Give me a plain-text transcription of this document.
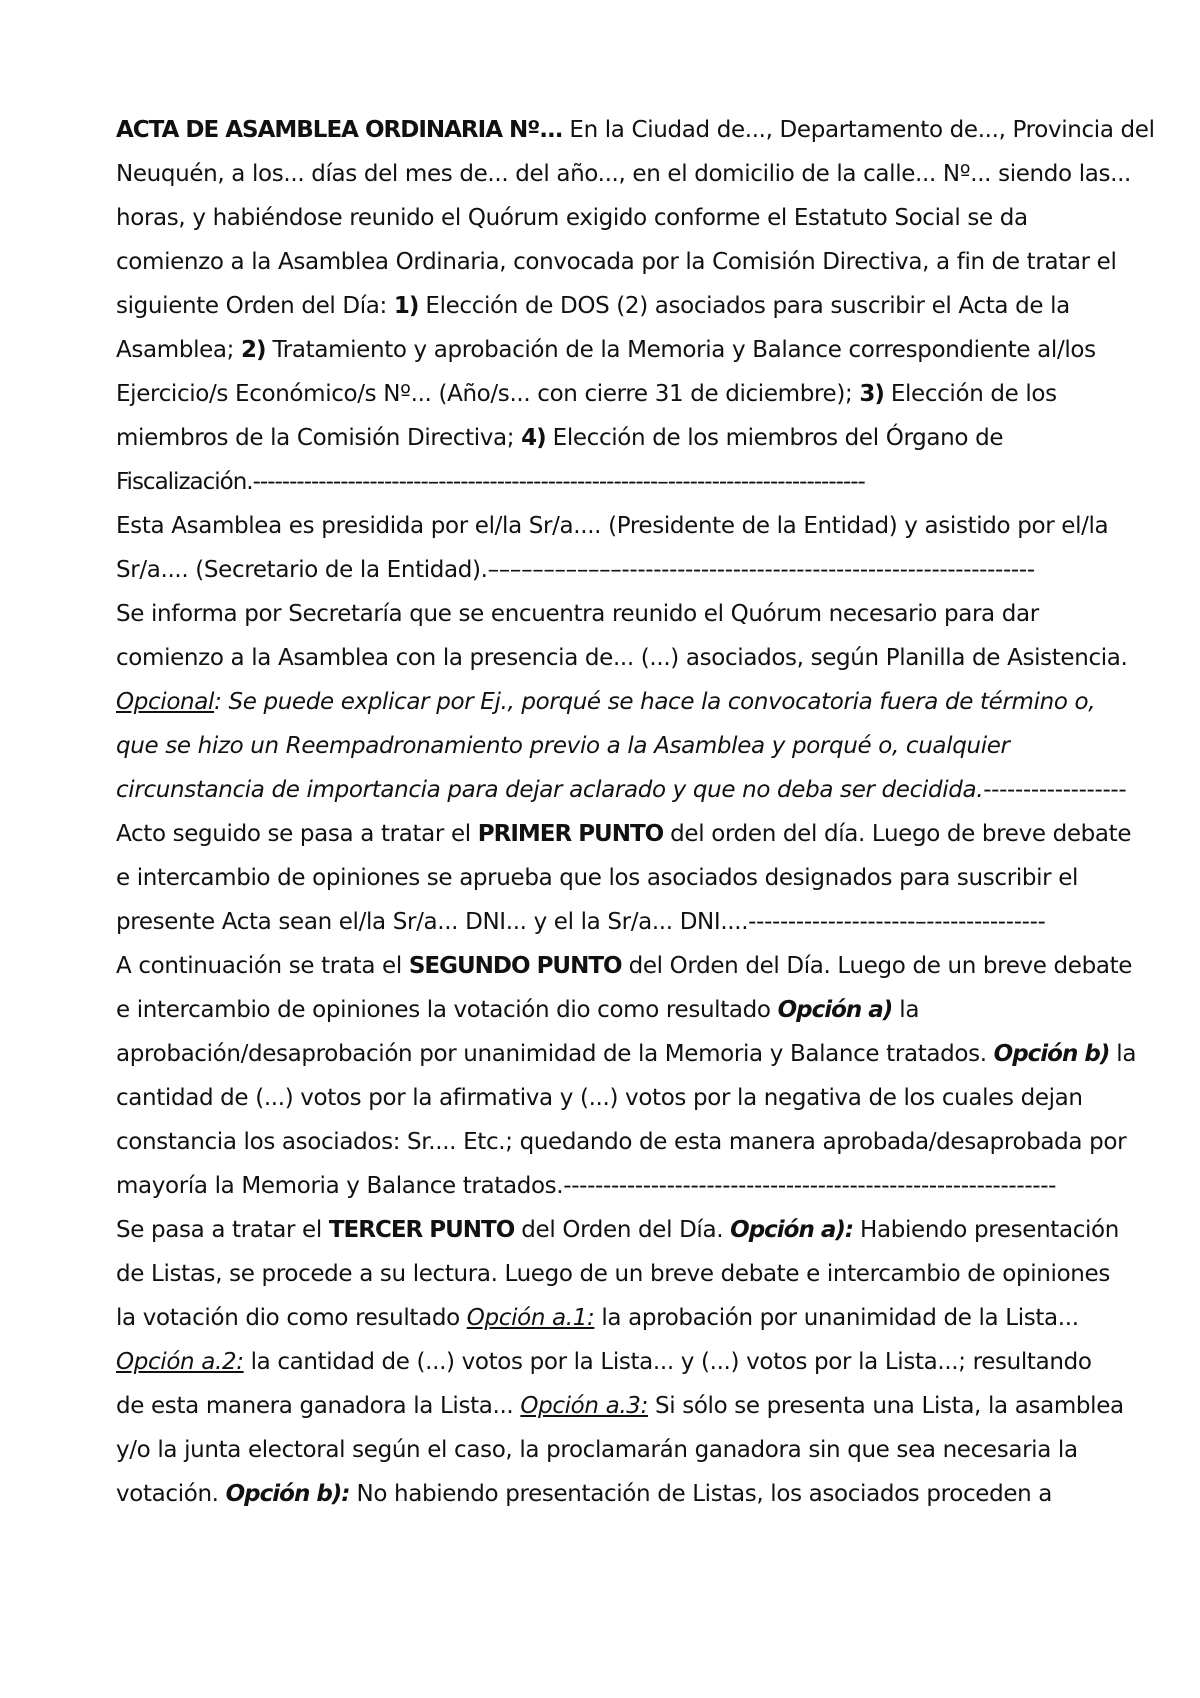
ACTA DE ASAMBLEA ORDINARIA Nº... En la Ciudad de..., Departamento de..., Provincia del
Neuquén, a los... días del mes de... del año..., en el domicilio de la calle... Nº... siendo las...
horas, y habiéndose reunido el Quórum exigido conforme el Estatuto Social se da
comienzo a la Asamblea Ordinaria, convocada por la Comisión Directiva, a fin de tratar el
siguiente Orden del Día: 1) Elección de DOS (2) asociados para suscribir el Acta de la
Asamblea; 2) Tratamiento y aprobación de la Memoria y Balance correspondiente al/los
Ejercicio/s Económico/s Nº... (Año/s... con cierre 31 de diciembre); 3) Elección de los
miembros de la Comisión Directiva; 4) Elección de los miembros del Órgano de
Fiscalización.------------------------–------------------------------–---------------------------
Esta Asamblea es presidida por el/la Sr/a.... (Presidente de la Entidad) y asistido por el/la
Sr/a.... (Secretario de la Entidad).––––––––––––----------------------------------------------------
Se informa por Secretaría que se encuentra reunido el Quórum necesario para dar
comienzo a la Asamblea con la presencia de... (...) asociados, según Planilla de Asistencia.
Opcional: Se puede explicar por Ej., porqué se hace la convocatoria fuera de término o,
que se hizo un Reempadronamiento previo a la Asamblea y porqué o, cualquier
circunstancia de importancia para dejar aclarado y que no deba ser decidida.------------------
Acto seguido se pasa a tratar el PRIMER PUNTO del orden del día. Luego de breve debate
e intercambio de opiniones se aprueba que los asociados designados para suscribir el
presente Acta sean el/la Sr/a... DNI... y el la Sr/a... DNI....---------------------–---------------
A continuación se trata el SEGUNDO PUNTO del Orden del Día. Luego de un breve debate
e intercambio de opiniones la votación dio como resultado Opción a) la
aprobación/desaprobación por unanimidad de la Memoria y Balance tratados. Opción b) la
cantidad de (...) votos por la afirmativa y (...) votos por la negativa de los cuales dejan
constancia los asociados: Sr.... Etc.; quedando de esta manera aprobada/desaprobada por
mayoría la Memoria y Balance tratados.--------------------------------------------------------------
Se pasa a tratar el TERCER PUNTO del Orden del Día. Opción a): Habiendo presentación
de Listas, se procede a su lectura. Luego de un breve debate e intercambio de opiniones
la votación dio como resultado Opción a.1: la aprobación por unanimidad de la Lista...
Opción a.2: la cantidad de (...) votos por la Lista... y (...) votos por la Lista...; resultando
de esta manera ganadora la Lista... Opción a.3: Si sólo se presenta una Lista, la asamblea
y/o la junta electoral según el caso, la proclamarán ganadora sin que sea necesaria la
votación. Opción b): No habiendo presentación de Listas, los asociados proceden a
